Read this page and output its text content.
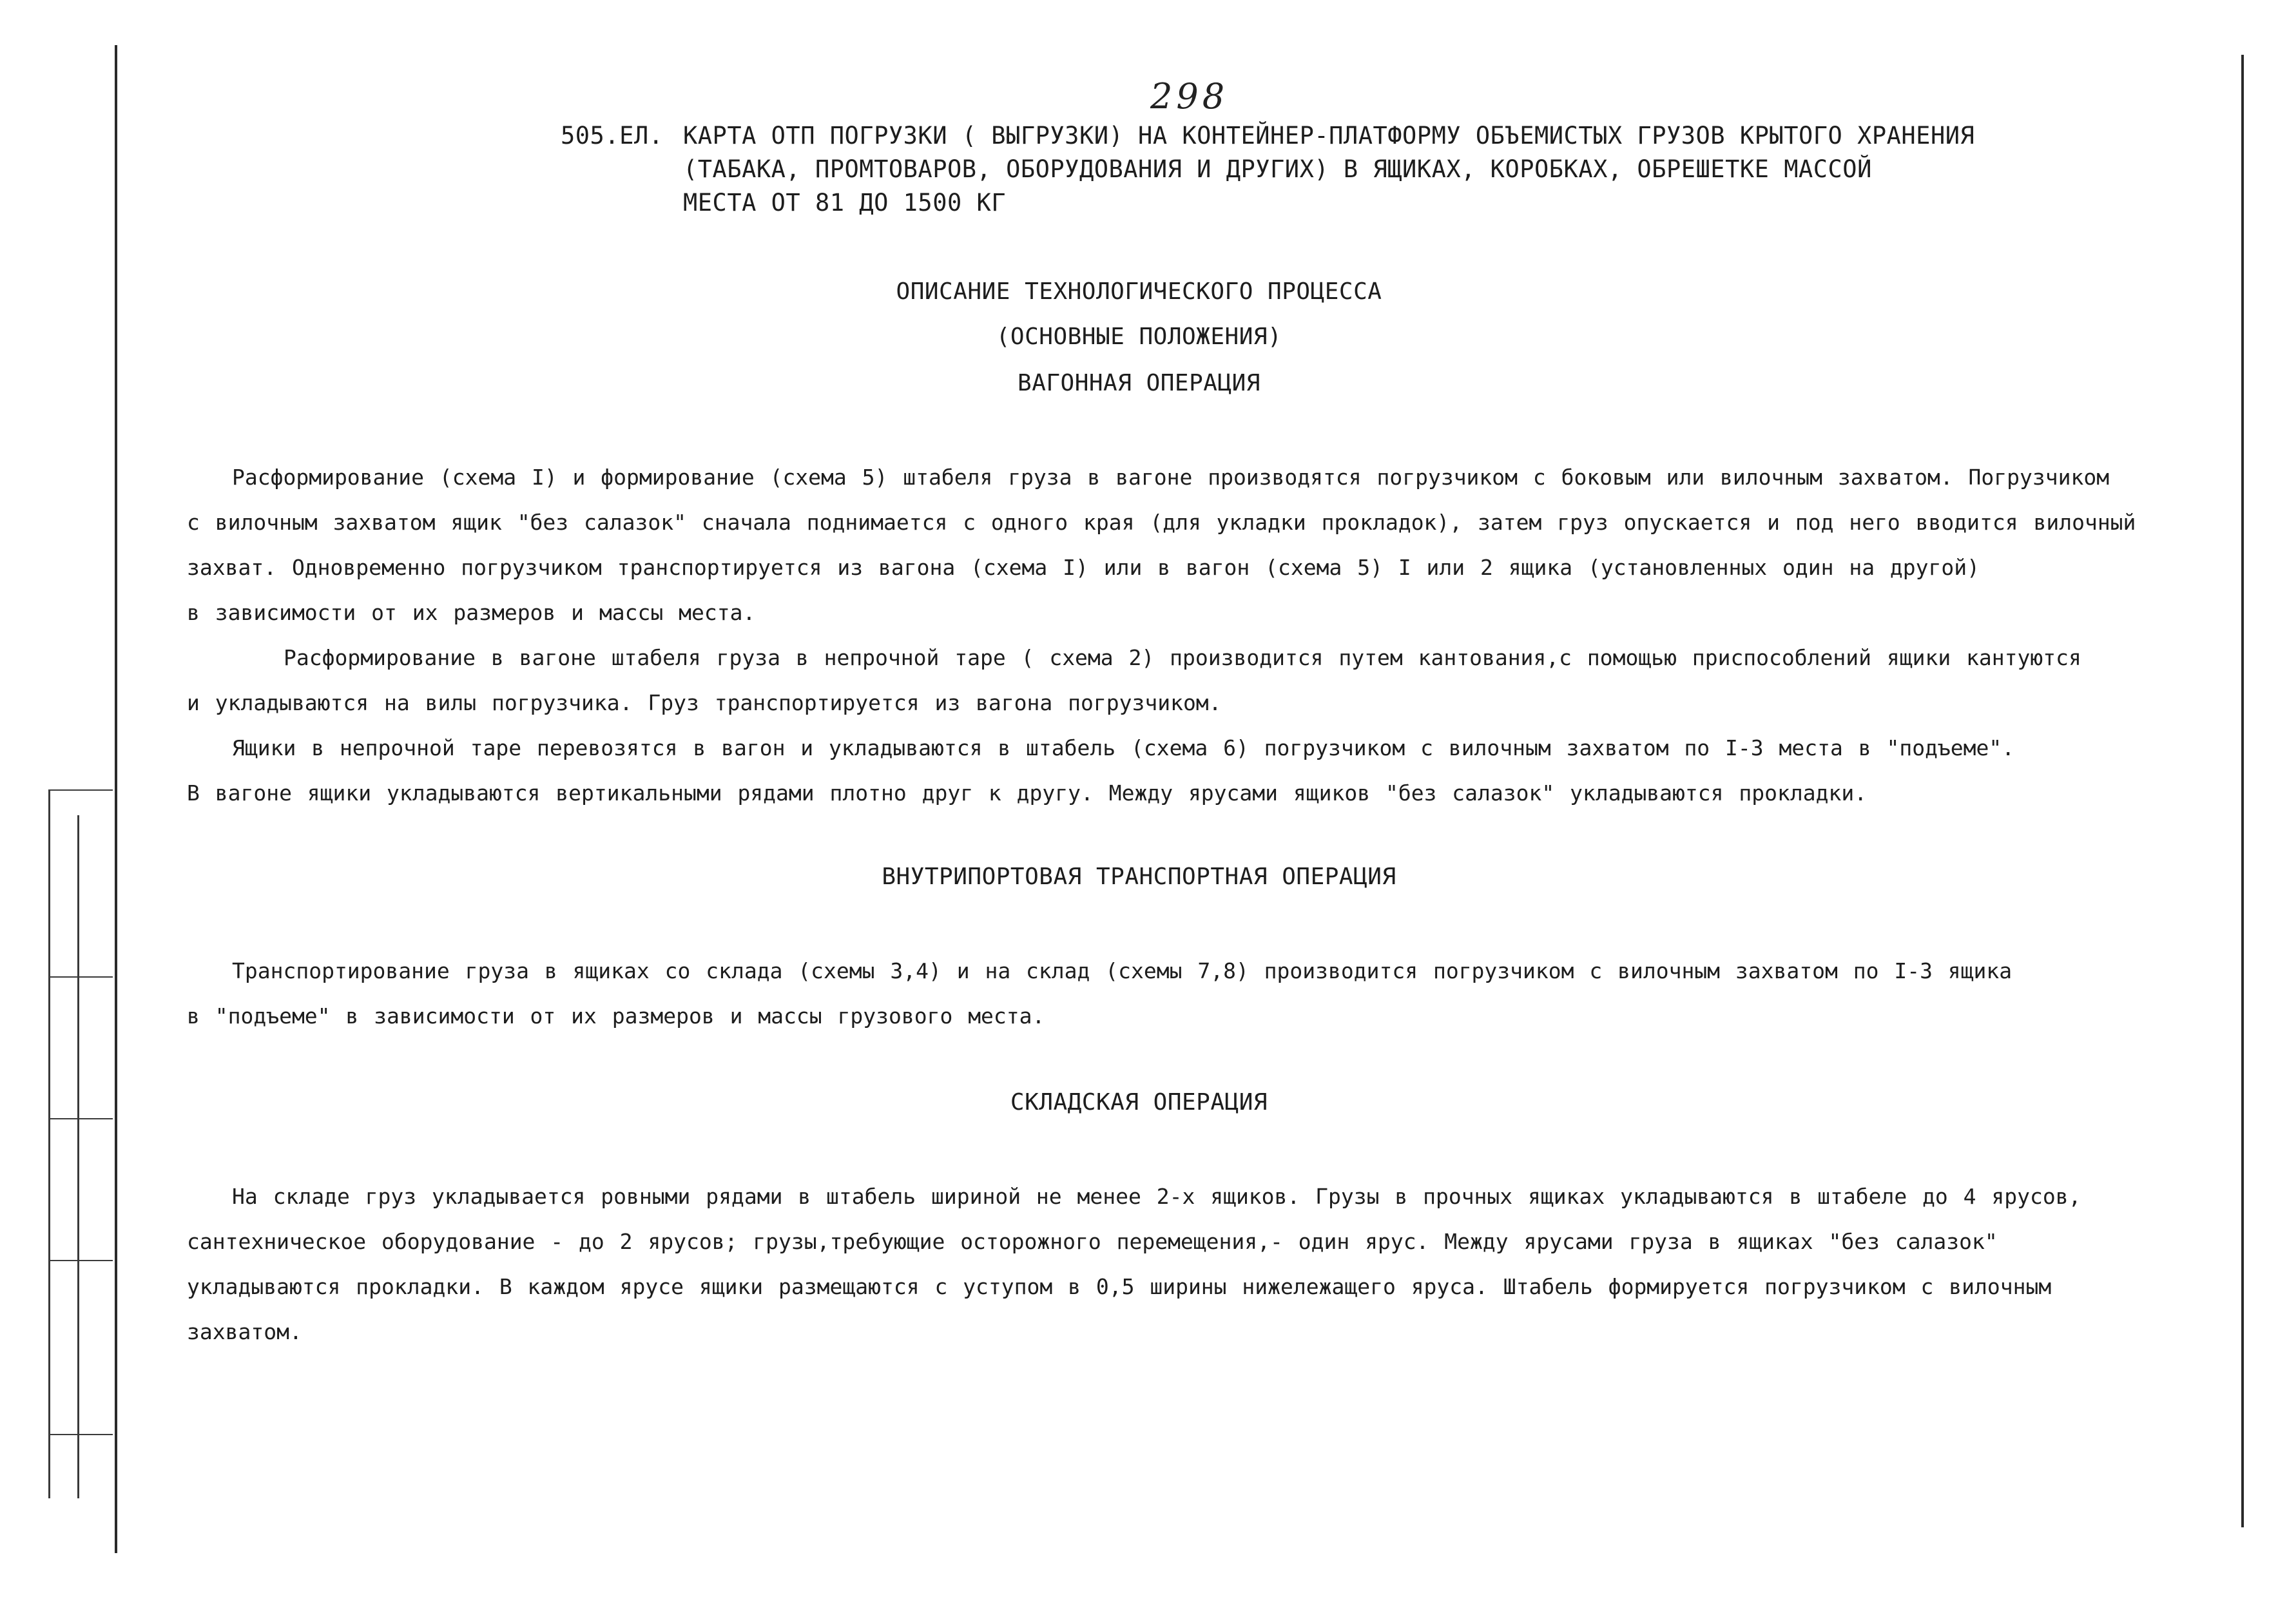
298
505.ЕЛ. КАРТА ОТП ПОГРУЗКИ ( ВЫГРУЗКИ) НА КОНТЕЙНЕР-ПЛАТФОРМУ ОБЪЕМИСТЫХ ГРУЗОВ КРЫТОГО ХРАНЕНИЯ
(ТАБАКА, ПРОМТОВАРОВ, ОБОРУДОВАНИЯ И ДРУГИХ) В ЯЩИКАХ, КОРОБКАХ, ОБРЕШЕТКЕ МАССОЙ
МЕСТА ОТ 81 ДО 1500 КГ
ОПИСАНИЕ ТЕХНОЛОГИЧЕСКОГО ПРОЦЕССА
(ОСНОВНЫЕ ПОЛОЖЕНИЯ)
ВАГОННАЯ ОПЕРАЦИЯ
Расформирование (схема I) и формирование (схема 5) штабеля груза в вагоне производятся погрузчиком с боковым или вилочным захватом. Погрузчиком
с вилочным захватом ящик "без салазок" сначала поднимается с одного края (для укладки прокладок), затем груз опускается и под него вводится вилочный
захват. Одновременно погрузчиком транспортируется из вагона (схема I) или в вагон (схема 5) I или 2 ящика (установленных один на другой)
в зависимости от их размеров и массы места.
Расформирование в вагоне штабеля груза в непрочной таре ( схема 2) производится путем кантования,с помощью приспособлений ящики кантуются
и укладываются на вилы погрузчика. Груз транспортируется из вагона погрузчиком.
Ящики в непрочной таре перевозятся в вагон и укладываются в штабель (схема 6) погрузчиком с вилочным захватом по I-3 места в "подъеме".
В вагоне ящики укладываются вертикальными рядами плотно друг к другу. Между ярусами ящиков "без салазок" укладываются прокладки.
ВНУТРИПОРТОВАЯ ТРАНСПОРТНАЯ ОПЕРАЦИЯ
Транспортирование груза в ящиках со склада (схемы 3,4) и на склад (схемы 7,8) производится погрузчиком с вилочным захватом по I-3 ящика
в "подъеме" в зависимости от их размеров и массы грузового места.
СКЛАДСКАЯ ОПЕРАЦИЯ
На складе груз укладывается ровными рядами в штабель шириной не менее 2-х ящиков. Грузы в прочных ящиках укладываются в штабеле до 4 ярусов,
сантехническое оборудование - до 2 ярусов; грузы,требующие осторожного перемещения,- один ярус. Между ярусами груза в ящиках "без салазок"
укладываются прокладки. В каждом ярусе ящики размещаются с уступом в 0,5 ширины нижележащего яруса. Штабель формируется погрузчиком с вилочным
захватом.
